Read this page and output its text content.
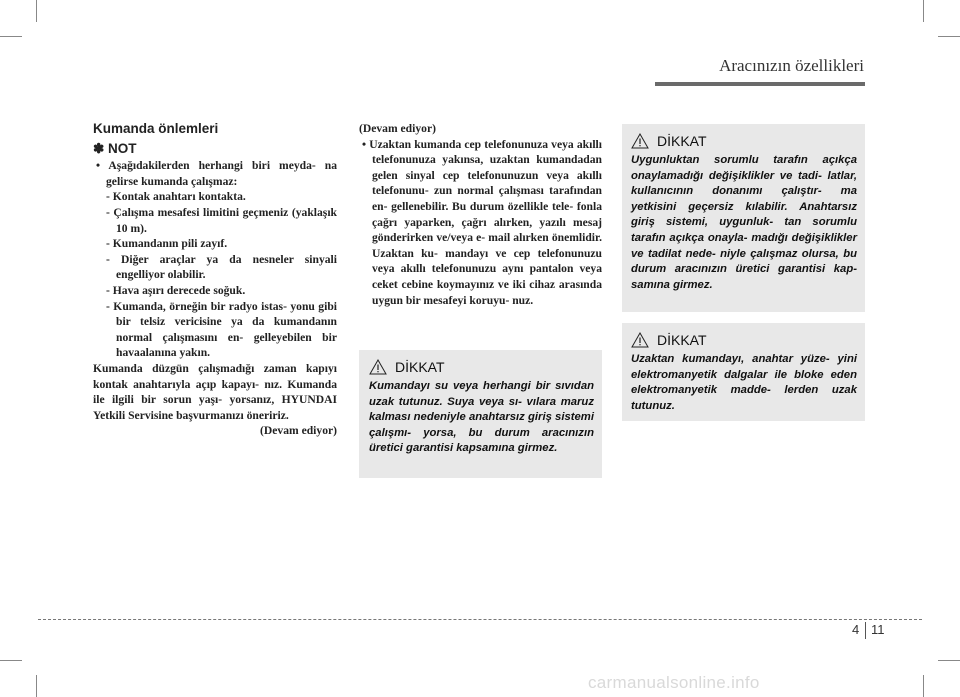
Aracınızın özellikleri
Kumanda önlemleri
✽ NOT
• Aşağıdakilerden herhangi biri meyda- na gelirse kumanda çalışmaz:
- Kontak anahtarı kontakta.
- Çalışma mesafesi limitini geçmeniz (yaklaşık 10 m).
- Kumandanın pili zayıf.
- Diğer araçlar ya da nesneler sinyali engelliyor olabilir.
- Hava aşırı derecede soğuk.
- Kumanda, örneğin bir radyo istas- yonu gibi bir telsiz vericisine ya da kumandanın normal çalışmasını en- gelleyebilen bir havaalanına yakın.
Kumanda düzgün çalışmadığı zaman kapıyı kontak anahtarıyla açıp kapayı- nız. Kumanda ile ilgili bir sorun yaşı- yorsanız, HYUNDAI Yetkili Servisine başvurmanızı öneririz.
(Devam ediyor)
(Devam ediyor)
• Uzaktan kumanda cep telefonunuza veya akıllı telefonunuza yakınsa, uzaktan kumandadan gelen sinyal cep telefonunuzun veya akıllı telefonunu- zun normal çalışması tarafından en- gellenebilir. Bu durum özellikle tele- fonla çağrı yaparken, çağrı alırken, yazılı mesaj gönderirken ve/veya e- mail alırken önemlidir. Uzaktan ku- mandayı ve cep telefonunuzu veya akıllı telefonunuzu aynı pantalon veya ceket cebine koymayınız ve iki cihaz arasında uygun bir mesafeyi koruyu- nuz.
DİKKAT
Kumandayı su veya herhangi bir sıvıdan uzak tutunuz. Suya veya sı- vılara maruz kalması nedeniyle anahtarsız giriş sistemi çalışmı- yorsa, bu durum aracınızın üretici garantisi kapsamına girmez.
DİKKAT
Uygunluktan sorumlu tarafın açıkça onaylamadığı değişiklikler ve tadi- latlar, kullanıcının donanımı çalıştır- ma yetkisini geçersiz kılabilir. Anahtarsız giriş sistemi, uygunluk- tan sorumlu tarafın açıkça onayla- madığı değişiklikler ve tadilat nede- niyle çalışmaz olursa, bu durum aracınızın üretici garantisi kap- samına girmez.
DİKKAT
Uzaktan kumandayı, anahtar yüze- yini elektromanyetik dalgalar ile bloke eden elektromanyetik madde- lerden uzak tutunuz.
4 11
carmanualsonline.info
